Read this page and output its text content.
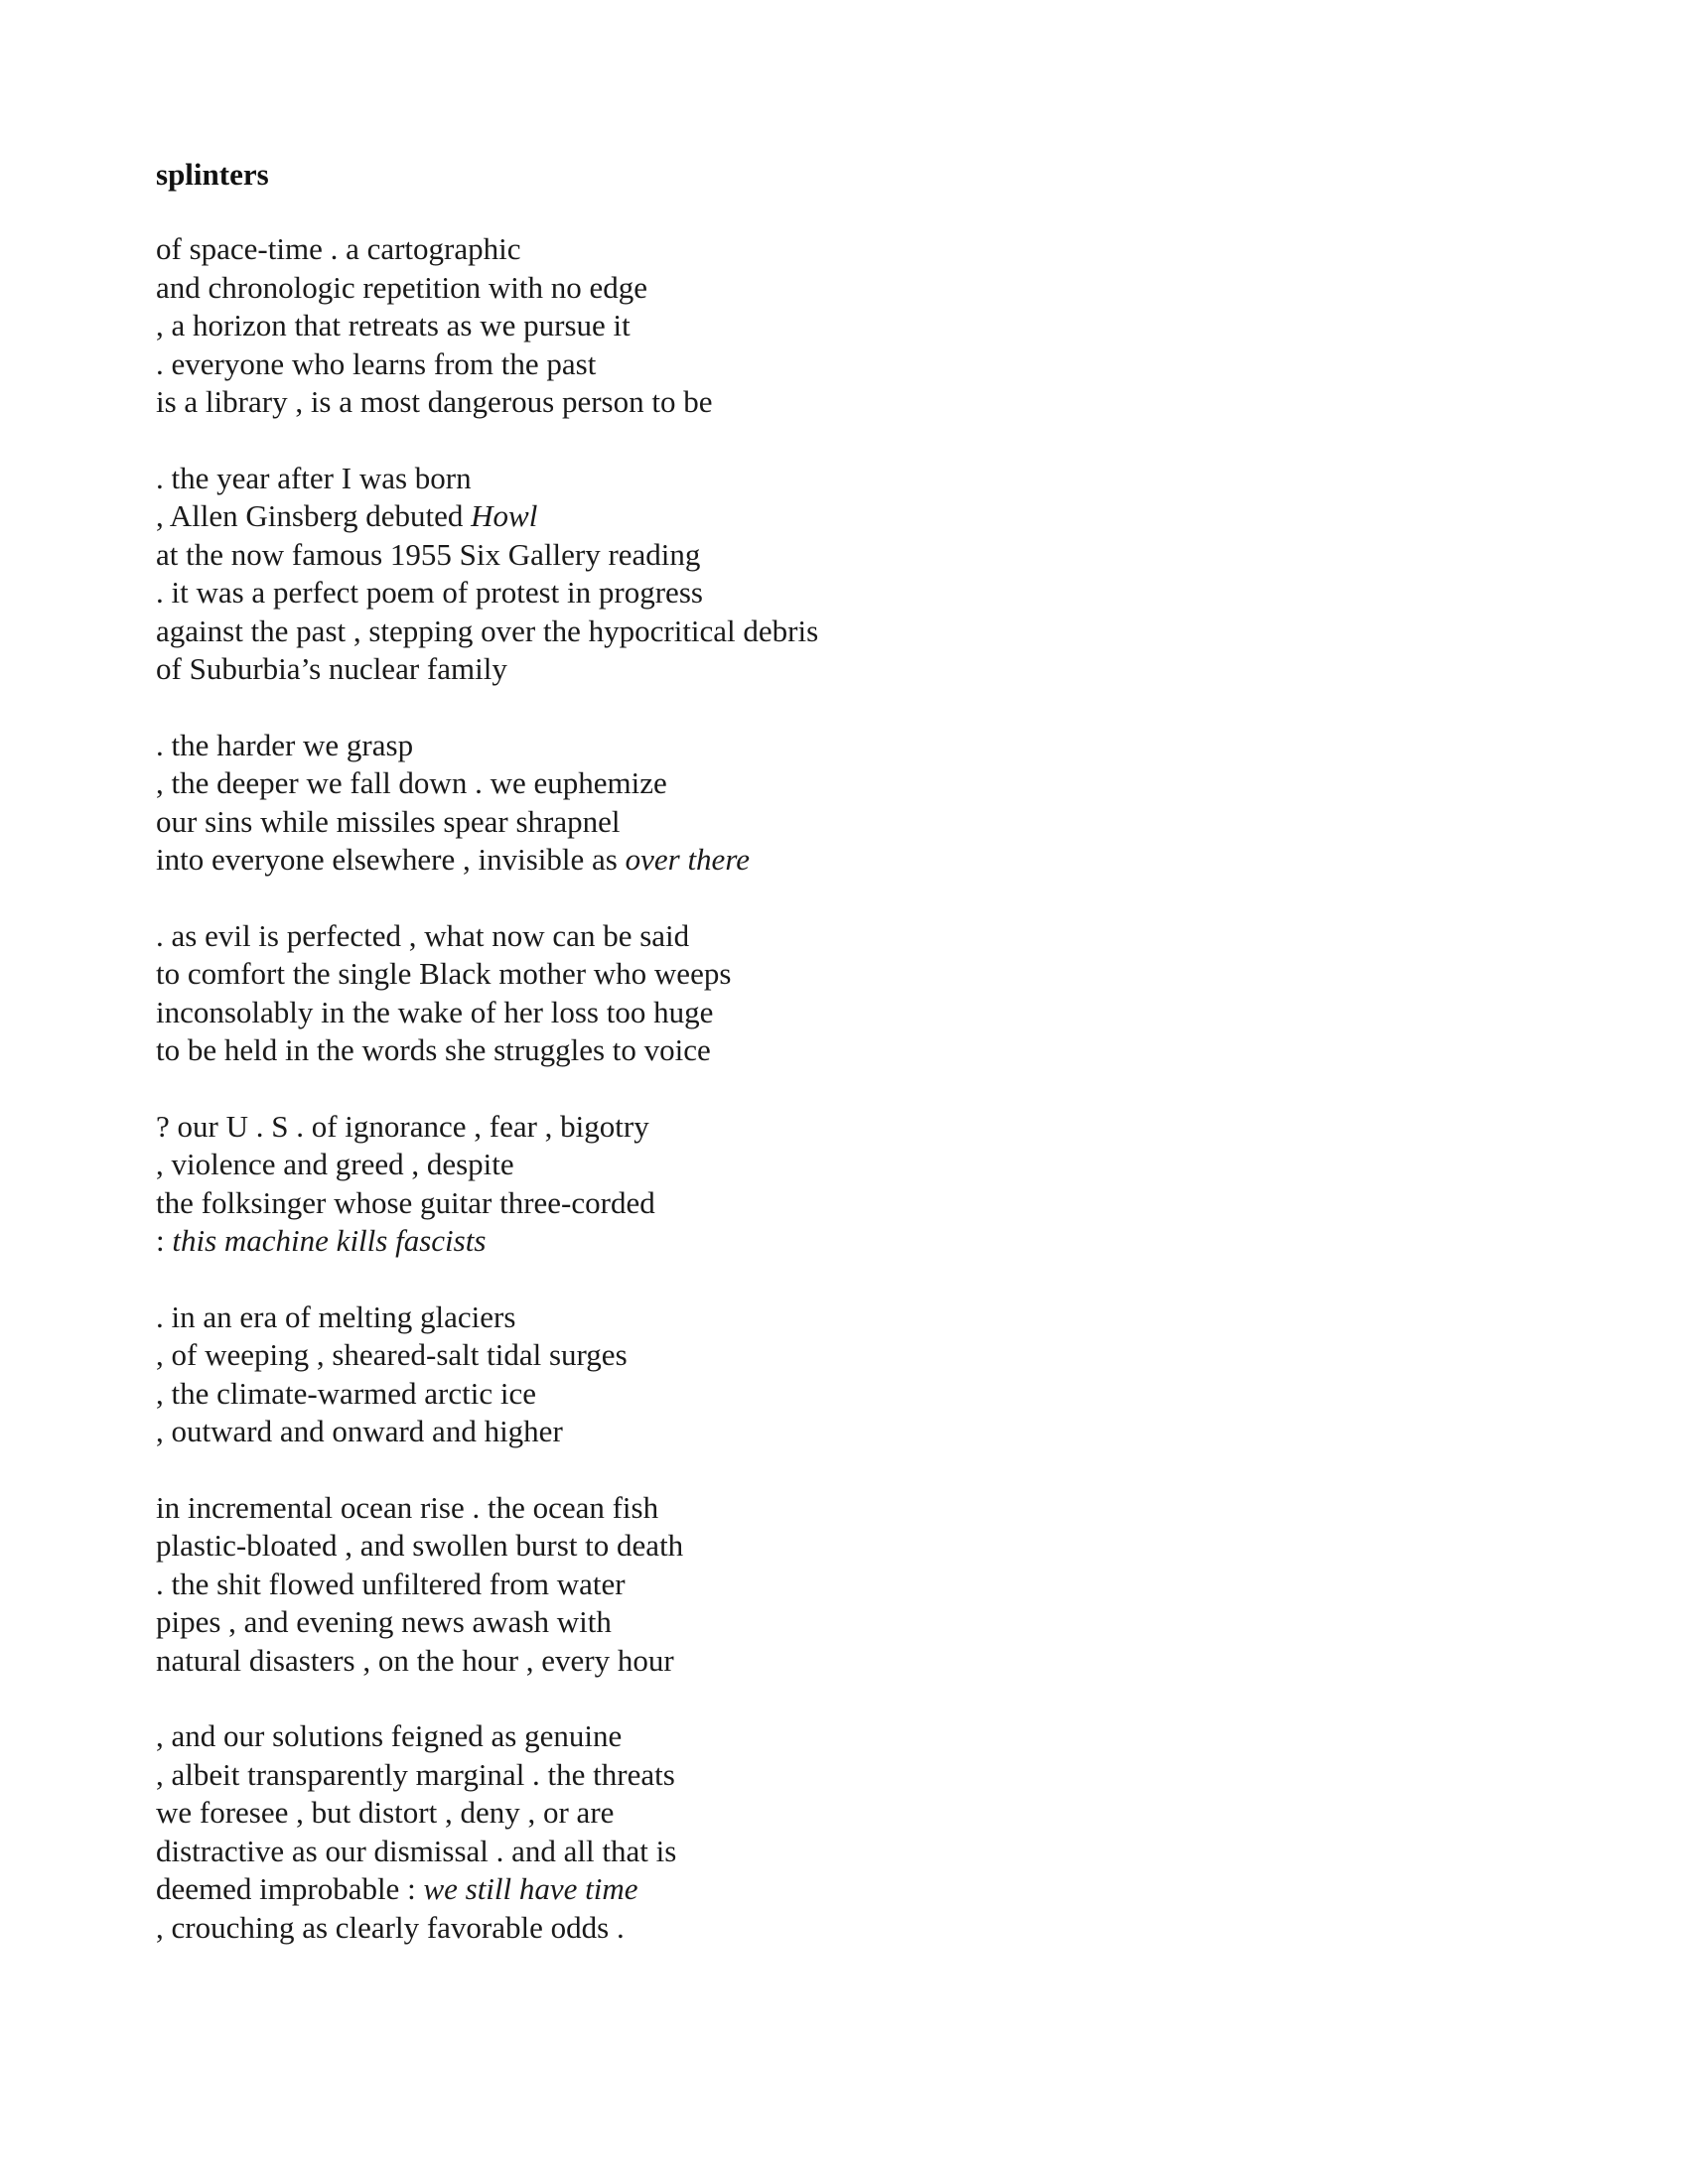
splinters
of space-time . a cartographic
and chronologic repetition with no edge
, a horizon that retreats as we pursue it
. everyone who learns from the past
is a library , is a most dangerous person to be
. the year after I was born
, Allen Ginsberg debuted Howl
at the now famous 1955 Six Gallery reading
. it was a perfect poem of protest in progress
against the past , stepping over the hypocritical debris
of Suburbia’s nuclear family
. the harder we grasp
, the deeper we fall down . we euphemize
our sins while missiles spear shrapnel
into everyone elsewhere , invisible as over there
. as evil is perfected , what now can be said
to comfort the single Black mother who weeps
inconsolably in the wake of her loss too huge
to be held in the words she struggles to voice
? our U . S . of ignorance , fear , bigotry
, violence and greed , despite
the folksinger whose guitar three-corded
: this machine kills fascists
. in an era of melting glaciers
, of weeping , sheared-salt tidal surges
, the climate-warmed arctic ice
, outward and onward and higher
in incremental ocean rise . the ocean fish
plastic-bloated , and swollen burst to death
. the shit flowed unfiltered from water
pipes , and evening news awash with
natural disasters , on the hour , every hour
, and our solutions feigned as genuine
, albeit transparently marginal . the threats
we foresee , but distort , deny , or are
distractive as our dismissal . and all that is
deemed improbable : we still have time
, crouching as clearly favorable odds .
